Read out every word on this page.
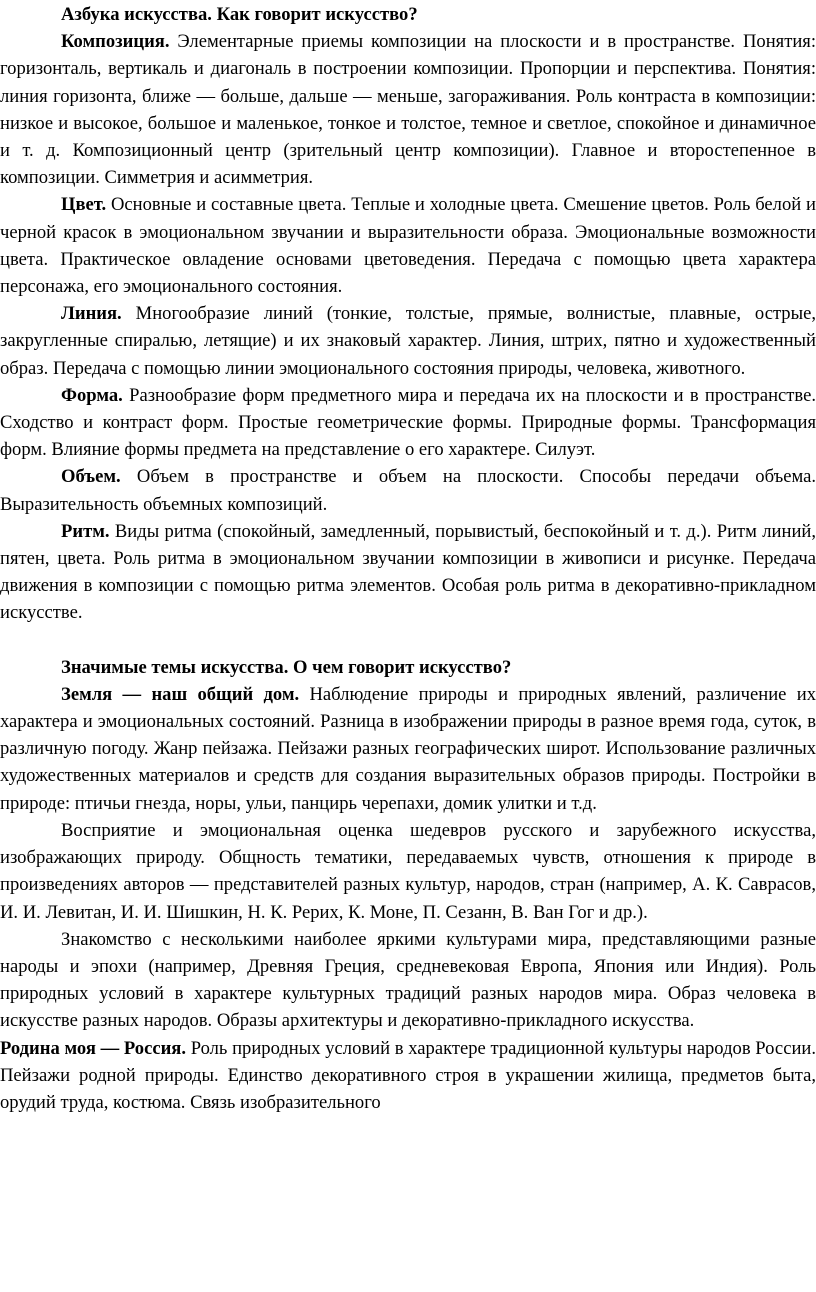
Азбука искусства. Как говорит искусство?

Композиция. Элементарные приемы композиции на плоскости и в пространстве. Понятия: горизонталь, вертикаль и диагональ в построении композиции. Пропорции и перспектива. Понятия: линия горизонта, ближе — больше, дальше — меньше, загораживания. Роль контраста в композиции: низкое и высокое, большое и маленькое, тонкое и толстое, темное и светлое, спокойное и динамичное и т. д. Композиционный центр (зрительный центр композиции). Главное и второстепенное в композиции. Симметрия и асимметрия.

Цвет. Основные и составные цвета. Теплые и холодные цвета. Смешение цветов. Роль белой и черной красок в эмоциональном звучании и выразительности образа. Эмоциональные возможности цвета. Практическое овладение основами цветоведения. Передача с помощью цвета характера персонажа, его эмоционального состояния.

Линия. Многообразие линий (тонкие, толстые, прямые, волнистые, плавные, острые, закругленные спиралью, летящие) и их знаковый характер. Линия, штрих, пятно и художественный образ. Передача с помощью линии эмоционального состояния природы, человека, животного.

Форма. Разнообразие форм предметного мира и передача их на плоскости и в пространстве. Сходство и контраст форм. Простые геометрические формы. Природные формы. Трансформация форм. Влияние формы предмета на представление о его характере. Силуэт.

Объем. Объем в пространстве и объем на плоскости. Способы передачи объема. Выразительность объемных композиций.

Ритм. Виды ритма (спокойный, замедленный, порывистый, беспокойный и т. д.). Ритм линий, пятен, цвета. Роль ритма в эмоциональном звучании композиции в живописи и рисунке. Передача движения в композиции с помощью ритма элементов. Особая роль ритма в декоративно-прикладном искусстве.

Значимые темы искусства. О чем говорит искусство?

Земля — наш общий дом. Наблюдение природы и природных явлений, различение их характера и эмоциональных состояний. Разница в изображении природы в разное время года, суток, в различную погоду. Жанр пейзажа. Пейзажи разных географических широт. Использование различных художественных материалов и средств для создания выразительных образов природы. Постройки в природе: птичьи гнезда, норы, ульи, панцирь черепахи, домик улитки и т.д.

Восприятие и эмоциональная оценка шедевров русского и зарубежного искусства, изображающих природу. Общность тематики, передаваемых чувств, отношения к природе в произведениях авторов — представителей разных культур, народов, стран (например, А. К. Саврасов, И. И. Левитан, И. И. Шишкин, Н. К. Рерих, К. Моне, П. Сезанн, В. Ван Гог и др.).

Знакомство с несколькими наиболее яркими культурами мира, представляющими разные народы и эпохи (например, Древняя Греция, средневековая Европа, Япония или Индия). Роль природных условий в характере культурных традиций разных народов мира. Образ человека в искусстве разных народов. Образы архитектуры и декоративно-прикладного искусства.

Родина моя — Россия. Роль природных условий в характере традиционной культуры народов России. Пейзажи родной природы. Единство декоративного строя в украшении жилища, предметов быта, орудий труда, костюма. Связь изобразительного
